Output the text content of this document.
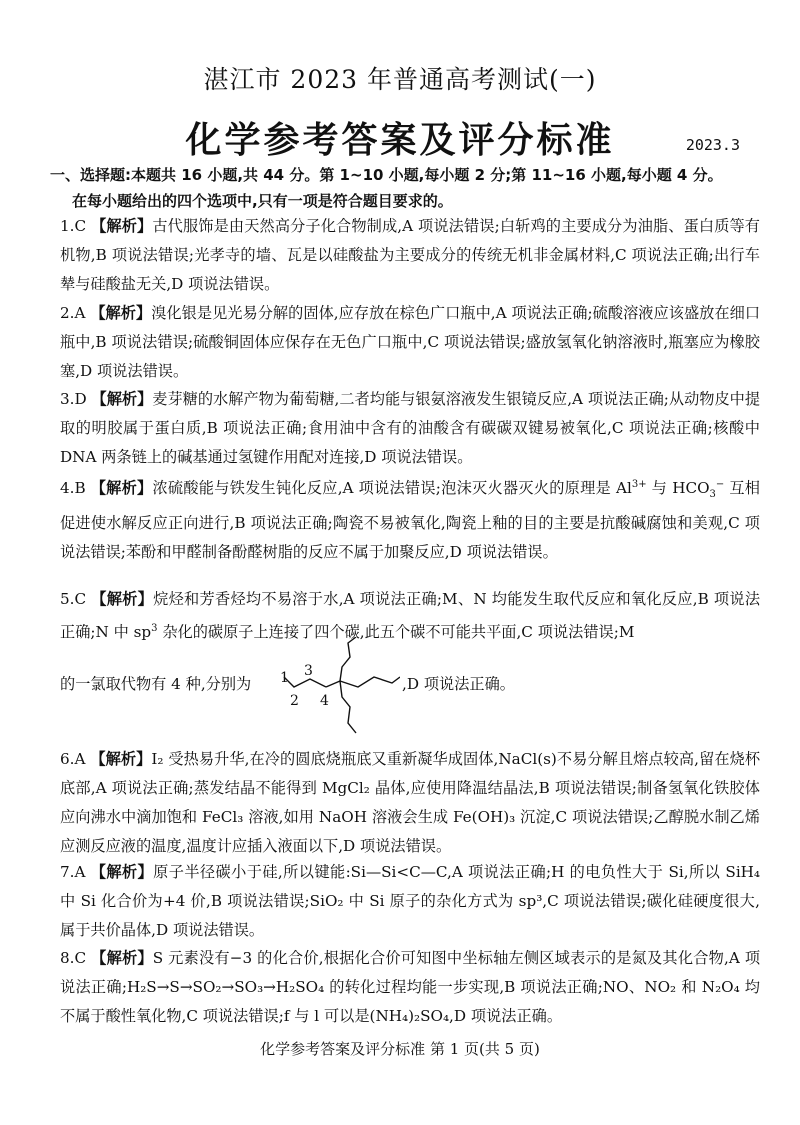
湛江市 2023 年普通高考测试(一)
化学参考答案及评分标准	2023.3
一、选择题:本题共 16 小题,共 44 分。第 1~10 小题,每小题 2 分;第 11~16 小题,每小题 4 分。
在每小题给出的四个选项中,只有一项是符合题目要求的。
1.C 【解析】古代服饰是由天然高分子化合物制成,A 项说法错误;白斩鸡的主要成分为油脂、蛋白质等有机物,B 项说法错误;光孝寺的墙、瓦是以硅酸盐为主要成分的传统无机非金属材料,C 项说法正确;出行车辇与硅酸盐无关,D 项说法错误。
2.A 【解析】溴化银是见光易分解的固体,应存放在棕色广口瓶中,A 项说法正确;硫酸溶液应该盛放在细口瓶中,B 项说法错误;硫酸铜固体应保存在无色广口瓶中,C 项说法错误;盛放氢氧化钠溶液时,瓶塞应为橡胶塞,D 项说法错误。
3.D 【解析】麦芽糖的水解产物为葡萄糖,二者均能与银氨溶液发生银镜反应,A 项说法正确;从动物皮中提取的明胶属于蛋白质,B 项说法正确;食用油中含有的油酸含有碳碳双键易被氧化,C 项说法正确;核酸中 DNA 两条链上的碱基通过氢键作用配对连接,D 项说法错误。
4.B 【解析】浓硫酸能与铁发生钝化反应,A 项说法错误;泡沫灭火器灭火的原理是 $Al^{3+}$ 与 $HCO_3^-$ 互相促进使水解反应正向进行,B 项说法正确;陶瓷不易被氧化,陶瓷上釉的目的主要是抗酸碱腐蚀和美观,C 项说法错误;苯酚和甲醛制备酚醛树脂的反应不属于加聚反应,D 项说法错误。
5.C 【解析】烷烃和芳香烃均不易溶于水,A 项说法正确;M、N 均能发生取代反应和氧化反应,B 项说法正确;N 中 $sp^3$ 杂化的碳原子上连接了四个碳,此五个碳不可能共平面,C 项说法错误;M
的一氯取代物有 4 种,分别为 1
2
3
4
,D 项说法正确。
6.A 【解析】I₂ 受热易升华,在冷的圆底烧瓶底又重新凝华成固体,NaCl(s)不易分解且熔点较高,留在烧杯底部,A 项说法正确;蒸发结晶不能得到 MgCl₂ 晶体,应使用降温结晶法,B 项说法错误;制备氢氧化铁胶体应向沸水中滴加饱和 FeCl₃ 溶液,如用 NaOH 溶液会生成 Fe(OH)₃ 沉淀,C 项说法错误;乙醇脱水制乙烯应测反应液的温度,温度计应插入液面以下,D 项说法错误。
7.A 【解析】原子半径碳小于硅,所以键能:Si—Si<C—C,A 项说法正确;H 的电负性大于 Si,所以 SiH₄ 中 Si 化合价为+4 价,B 项说法错误;SiO₂ 中 Si 原子的杂化方式为 sp³,C 项说法错误;碳化硅硬度很大,属于共价晶体,D 项说法错误。
8.C 【解析】S 元素没有−3 的化合价,根据化合价可知图中坐标轴左侧区域表示的是氮及其化合物,A 项说法正确;H₂S→S→SO₂→SO₃→H₂SO₄ 的转化过程均能一步实现,B 项说法正确;NO、NO₂ 和 N₂O₄ 均不属于酸性氧化物,C 项说法错误;f 与 l 可以是(NH₄)₂SO₄,D 项说法正确。
化学参考答案及评分标准 第 1 页(共 5 页)
